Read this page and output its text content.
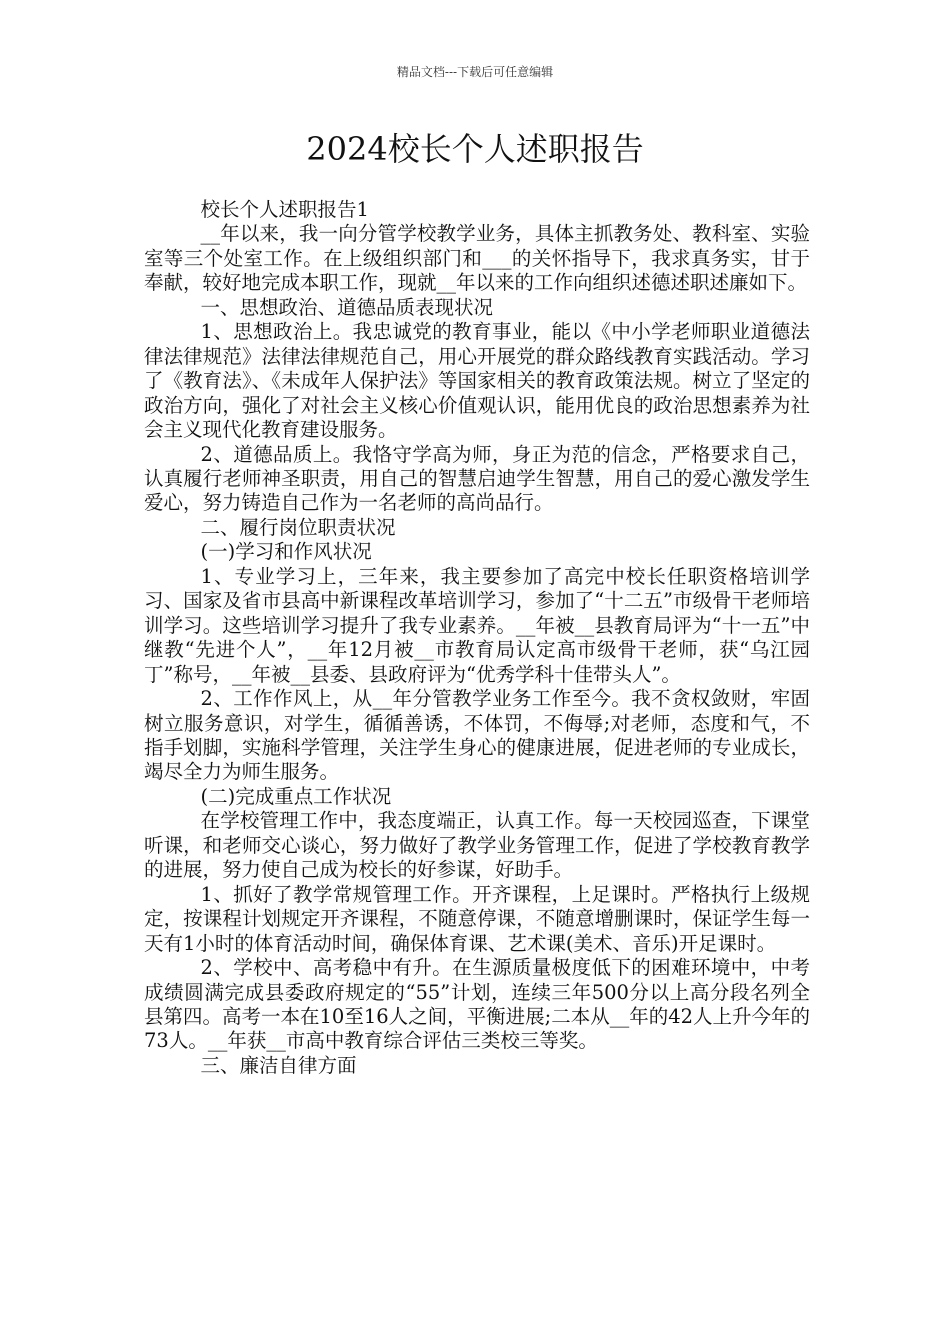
精品文档---下载后可任意编辑
2024校长个人述职报告

校长个人述职报告1

__年以来，我一向分管学校教学业务，具体主抓教务处、教科室、实验室等三个处室工作。在上级组织部门和___的关怀指导下，我求真务实，甘于奉献，较好地完成本职工作，现就__年以来的工作向组织述德述职述廉如下。

一、思想政治、道德品质表现状况

1、思想政治上。我忠诚党的教育事业，能以《中小学老师职业道德法律法律规范》法律法律规范自己，用心开展党的群众路线教育实践活动。学习了《教育法》、《未成年人保护法》等国家相关的教育政策法规。树立了坚定的政治方向，强化了对社会主义核心价值观认识，能用优良的政治思想素养为社会主义现代化教育建设服务。

2、道德品质上。我恪守学高为师，身正为范的信念，严格要求自己，认真履行老师神圣职责，用自己的智慧启迪学生智慧，用自己的爱心激发学生爱心，努力铸造自己作为一名老师的高尚品行。

二、履行岗位职责状况

(一)学习和作风状况

1、专业学习上，三年来，我主要参加了高完中校长任职资格培训学习、国家及省市县高中新课程改革培训学习，参加了“十二五”市级骨干老师培训学习。这些培训学习提升了我专业素养。__年被__县教育局评为“十一五”中继教“先进个人”，__年12月被__市教育局认定高市级骨干老师，获“乌江园丁”称号，__年被__县委、县政府评为“优秀学科十佳带头人”。

2、工作作风上，从__年分管教学业务工作至今。我不贪权敛财，牢固树立服务意识，对学生，循循善诱，不体罚，不侮辱;对老师，态度和气，不指手划脚，实施科学管理，关注学生身心的健康进展，促进老师的专业成长，竭尽全力为师生服务。

(二)完成重点工作状况

在学校管理工作中，我态度端正，认真工作。每一天校园巡查，下课堂听课，和老师交心谈心，努力做好了教学业务管理工作，促进了学校教育教学的进展，努力使自己成为校长的好参谋，好助手。

1、抓好了教学常规管理工作。开齐课程，上足课时。严格执行上级规定，按课程计划规定开齐课程，不随意停课，不随意增删课时，保证学生每一天有1小时的体育活动时间，确保体育课、艺术课(美术、音乐)开足课时。

2、学校中、高考稳中有升。在生源质量极度低下的困难环境中，中考成绩圆满完成县委政府规定的“55”计划，连续三年500分以上高分段名列全县第四。高考一本在10至16人之间，平衡进展;二本从__年的42人上升今年的73人。__年获__市高中教育综合评估三类校三等奖。

三、廉洁自律方面
